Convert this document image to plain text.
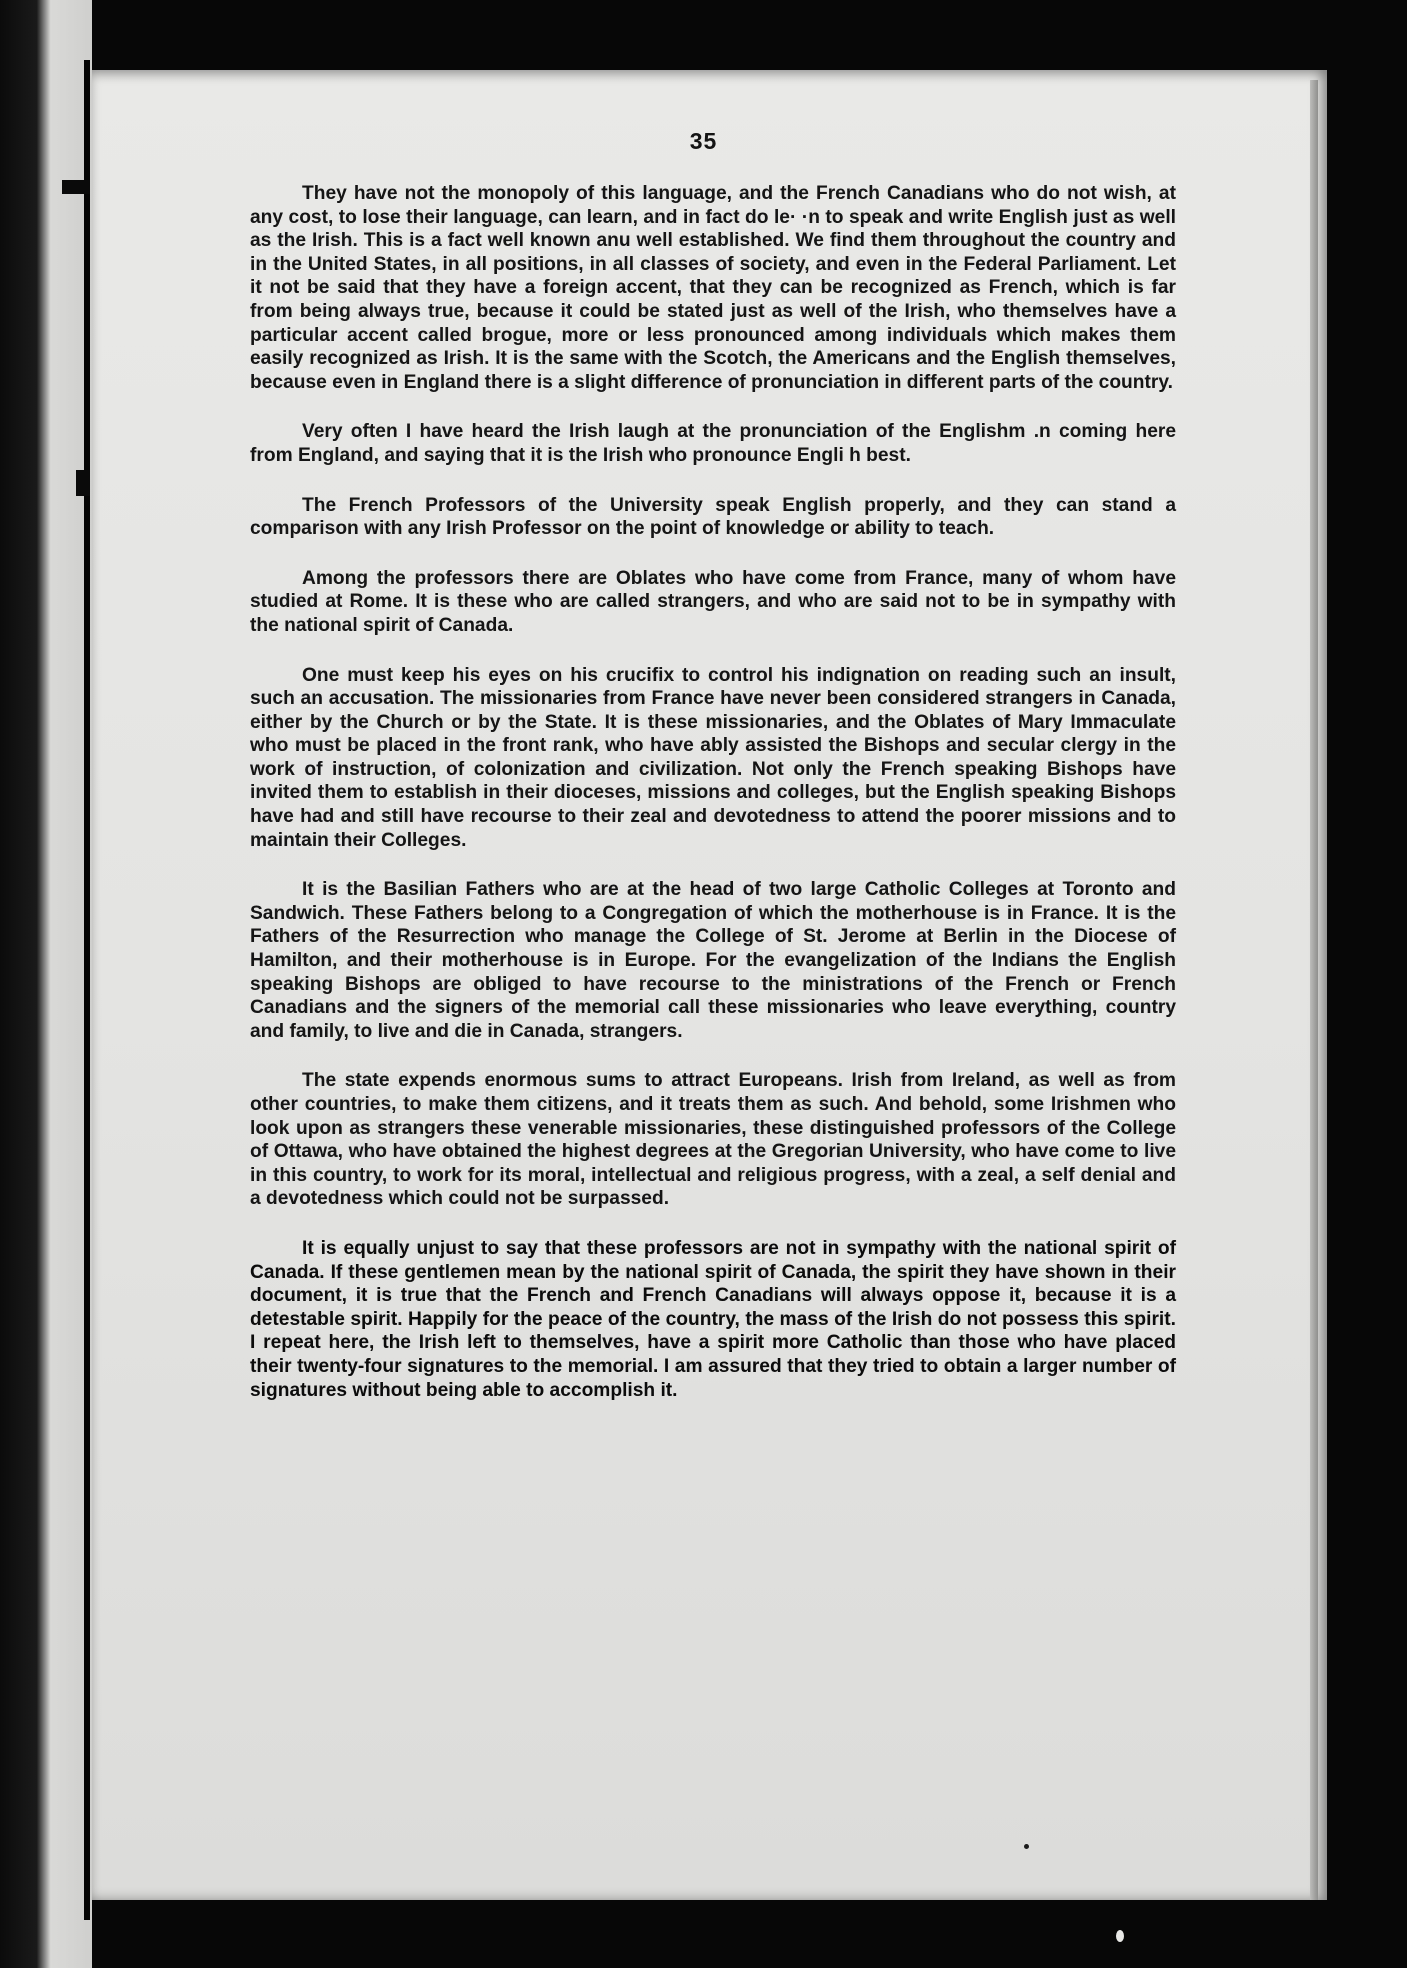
35

They have not the monopoly of this language, and the French Canadians who do not wish, at any cost, to lose their language, can learn, and in fact do le· ·n to speak and write English just as well as the Irish. This is a fact well known anu well established. We find them throughout the country and in the United States, in all positions, in all classes of society, and even in the Federal Parliament. Let it not be said that they have a foreign accent, that they can be recognized as French, which is far from being always true, because it could be stated just as well of the Irish, who themselves have a particular accent called brogue, more or less pronounced among individuals which makes them easily recognized as Irish. It is the same with the Scotch, the Americans and the English themselves, because even in England there is a slight difference of pronunciation in different parts of the country.

Very often I have heard the Irish laugh at the pronunciation of the Englishm .n coming here from England, and saying that it is the Irish who pronounce Engli h best.

The French Professors of the University speak English properly, and they can stand a comparison with any Irish Professor on the point of knowledge or ability to teach.

Among the professors there are Oblates who have come from France, many of whom have studied at Rome. It is these who are called strangers, and who are said not to be in sympathy with the national spirit of Canada.

One must keep his eyes on his crucifix to control his indignation on reading such an insult, such an accusation. The missionaries from France have never been considered strangers in Canada, either by the Church or by the State. It is these missionaries, and the Oblates of Mary Immaculate who must be placed in the front rank, who have ably assisted the Bishops and secular clergy in the work of instruction, of colonization and civilization. Not only the French speaking Bishops have invited them to establish in their dioceses, missions and colleges, but the English speaking Bishops have had and still have recourse to their zeal and devotedness to attend the poorer missions and to maintain their Colleges.

It is the Basilian Fathers who are at the head of two large Catholic Colleges at Toronto and Sandwich. These Fathers belong to a Congregation of which the motherhouse is in France. It is the Fathers of the Resurrection who manage the College of St. Jerome at Berlin in the Diocese of Hamilton, and their motherhouse is in Europe. For the evangelization of the Indians the English speaking Bishops are obliged to have recourse to the ministrations of the French or French Canadians and the signers of the memorial call these missionaries who leave everything, country and family, to live and die in Canada, strangers.

The state expends enormous sums to attract Europeans. Irish from Ireland, as well as from other countries, to make them citizens, and it treats them as such. And behold, some Irishmen who look upon as strangers these venerable missionaries, these distinguished professors of the College of Ottawa, who have obtained the highest degrees at the Gregorian University, who have come to live in this country, to work for its moral, intellectual and religious progress, with a zeal, a self denial and a devotedness which could not be surpassed.

It is equally unjust to say that these professors are not in sympathy with the national spirit of Canada. If these gentlemen mean by the national spirit of Canada, the spirit they have shown in their document, it is true that the French and French Canadians will always oppose it, because it is a detestable spirit. Happily for the peace of the country, the mass of the Irish do not possess this spirit. I repeat here, the Irish left to themselves, have a spirit more Catholic than those who have placed their twenty-four signatures to the memorial. I am assured that they tried to obtain a larger number of signatures without being able to accomplish it.
